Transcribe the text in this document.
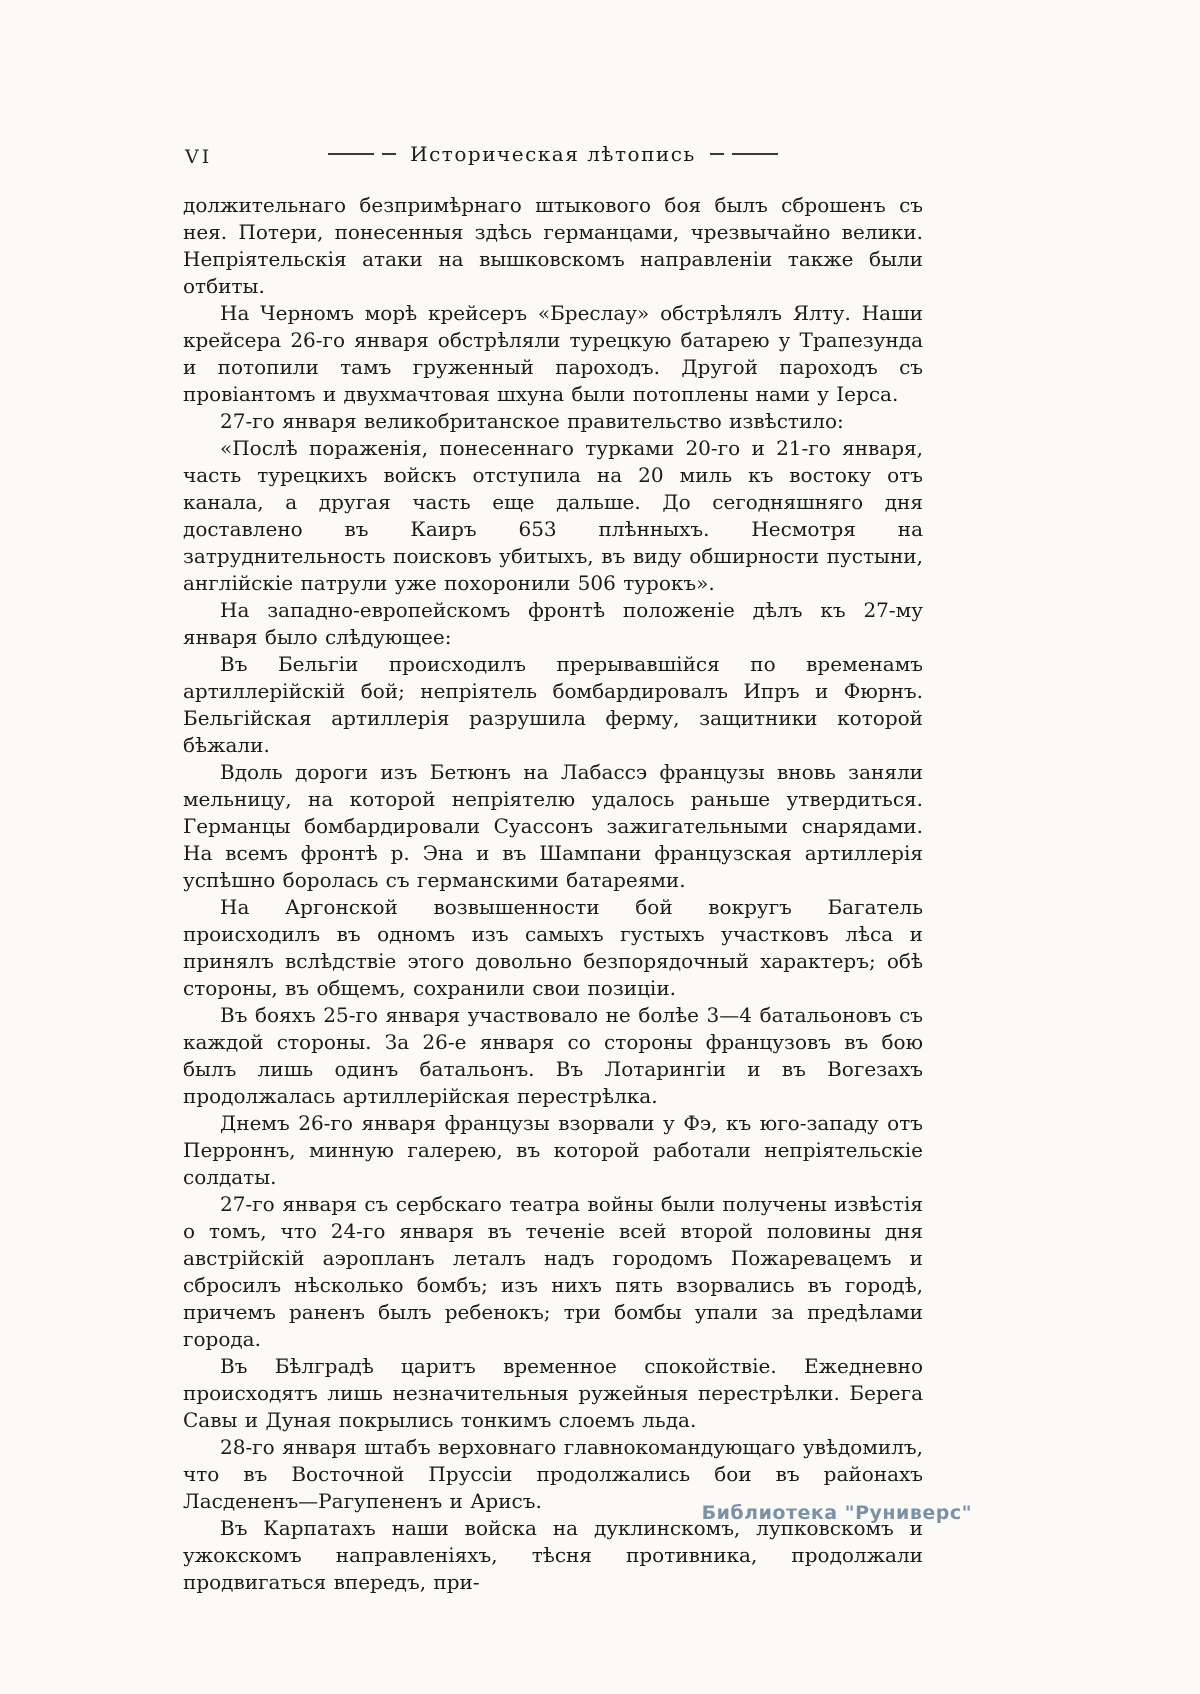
VI	Историческая лѣтопись

должительнаго безпримѣрнаго штыкового боя былъ сброшенъ съ нея. Потери, понесенныя здѣсь германцами, чрезвычайно велики. Непріятельскія атаки на вышковскомъ направленіи также были отбиты.

На Черномъ морѣ крейсеръ «Бреслау» обстрѣлялъ Ялту. Наши крейсера 26-го января обстрѣляли турецкую батарею у Трапезунда и потопили тамъ груженный пароходъ. Другой пароходъ съ провіантомъ и двухмачтовая шхуна были потоплены нами у Іерса.

27-го января великобританское правительство извѣстило:

«Послѣ пораженія, понесеннаго турками 20-го и 21-го января, часть турецкихъ войскъ отступила на 20 миль къ востоку отъ канала, а другая часть еще дальше. До сегодняшняго дня доставлено въ Каиръ 653 плѣнныхъ. Несмотря на затруднительность поисковъ убитыхъ, въ виду обширности пустыни, англійскіе патрули уже похоронили 506 турокъ».

На западно-европейскомъ фронтѣ положеніе дѣлъ къ 27-му января было слѣдующее:

Въ Бельгіи происходилъ прерывавшійся по временамъ артиллерійскій бой; непріятель бомбардировалъ Ипръ и Фюрнъ. Бельгійская артиллерія разрушила ферму, защитники которой бѣжали.

Вдоль дороги изъ Бетюнъ на Лабассэ французы вновь заняли мельницу, на которой непріятелю удалось раньше утвердиться. Германцы бомбардировали Суассонъ зажигательными снарядами. На всемъ фронтѣ р. Эна и въ Шампани французская артиллерія успѣшно боролась съ германскими батареями.

На Аргонской возвышенности бой вокругъ Багатель происходилъ въ одномъ изъ самыхъ густыхъ участковъ лѣса и принялъ вслѣдствіе этого довольно безпорядочный характеръ; обѣ стороны, въ общемъ, сохранили свои позиціи.

Въ бояхъ 25-го января участвовало не болѣе 3—4 батальоновъ съ каждой стороны. За 26-е января со стороны французовъ въ бою былъ лишь одинъ батальонъ. Въ Лотарингіи и въ Вогезахъ продолжалась артиллерійская перестрѣлка.

Днемъ 26-го января французы взорвали у Фэ, къ юго-западу отъ Перроннъ, минную галерею, въ которой работали непріятельскіе солдаты.

27-го января съ сербскаго театра войны были получены извѣстія о томъ, что 24-го января въ теченіе всей второй половины дня австрійскій аэропланъ леталъ надъ городомъ Пожаревацемъ и сбросилъ нѣсколько бомбъ; изъ нихъ пять взорвались въ городѣ, причемъ раненъ былъ ребенокъ; три бомбы упали за предѣлами города.

Въ Бѣлградѣ царитъ временное спокойствіе. Ежедневно происходятъ лишь незначительныя ружейныя перестрѣлки. Берега Савы и Дуная покрылись тонкимъ слоемъ льда.

28-го января штабъ верховнаго главнокомандующаго увѣдомилъ, что въ Восточной Пруссіи продолжались бои въ районахъ Ласдененъ—Рагупененъ и Арисъ.

Въ Карпатахъ наши войска на дуклинскомъ, лупковскомъ и ужокскомъ направленіяхъ, тѣсня противника, продолжали продвигаться впередъ, при-

Библиотека "Руниверс"
